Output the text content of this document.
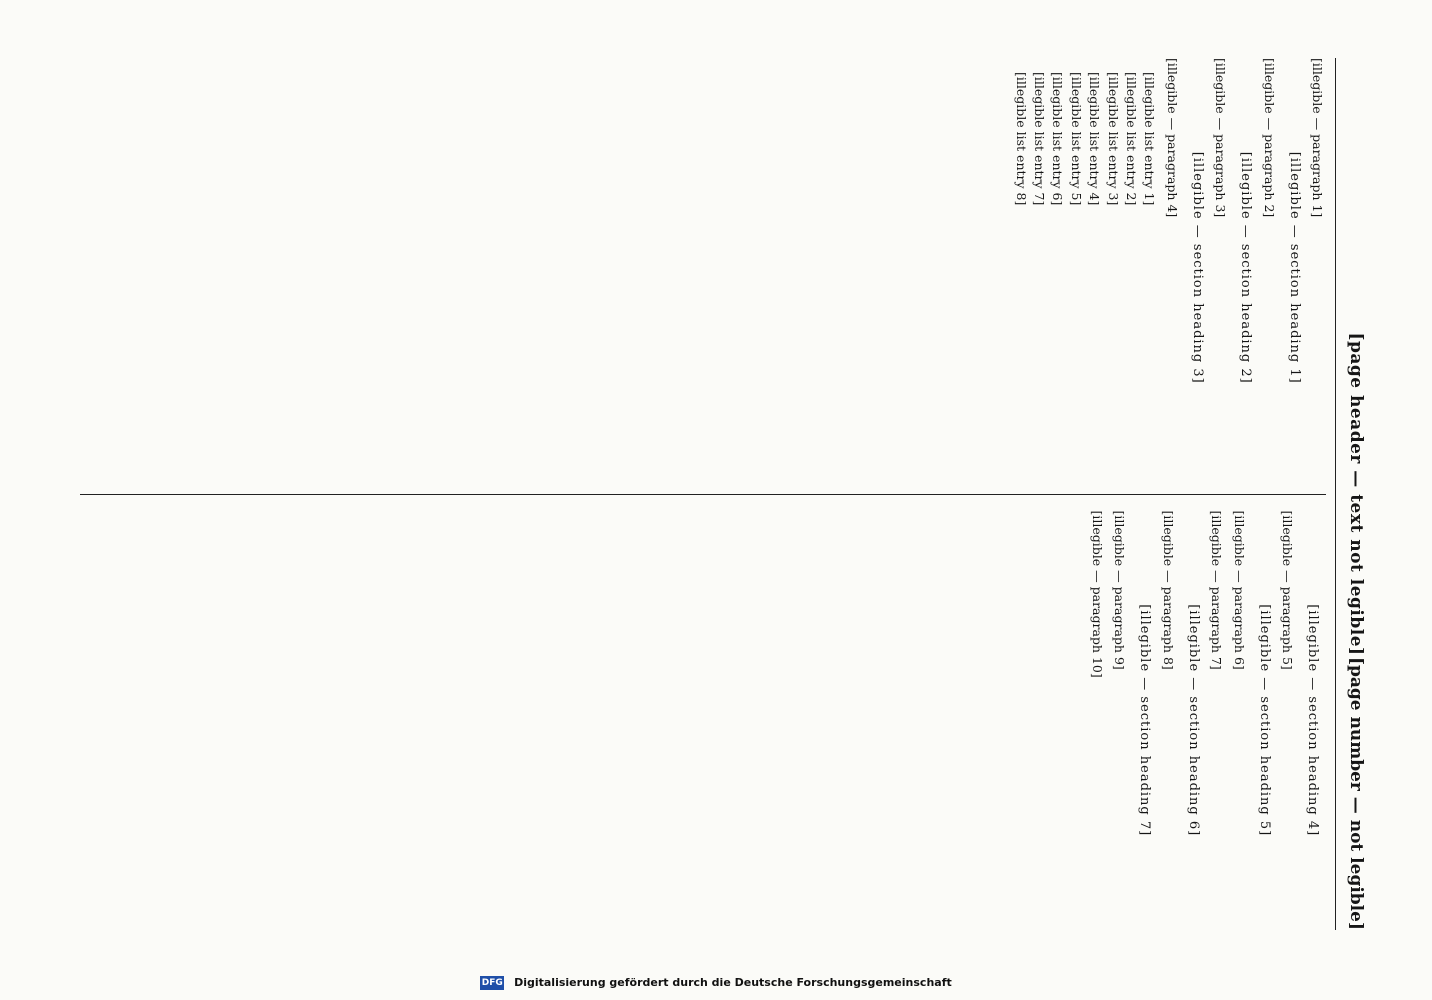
[page header — text not legible]
[page number — not legible]

[illegible — paragraph 1]

[illegible — section heading 1]

[illegible — paragraph 2]

[illegible — section heading 2]

[illegible — paragraph 3]

[illegible — section heading 3]

[illegible — paragraph 4]

[illegible list entry 1]
[illegible list entry 2]
[illegible list entry 3]
[illegible list entry 4]
[illegible list entry 5]
[illegible list entry 6]
[illegible list entry 7]
[illegible list entry 8]
[illegible — section heading 4]

[illegible — paragraph 5]

[illegible — section heading 5]

[illegible — paragraph 6]

[illegible — paragraph 7]

[illegible — section heading 6]

[illegible — paragraph 8]

[illegible — section heading 7]

[illegible — paragraph 9]

[illegible — paragraph 10]

DFG Digitalisierung gefördert durch die Deutsche Forschungsgemeinschaft
